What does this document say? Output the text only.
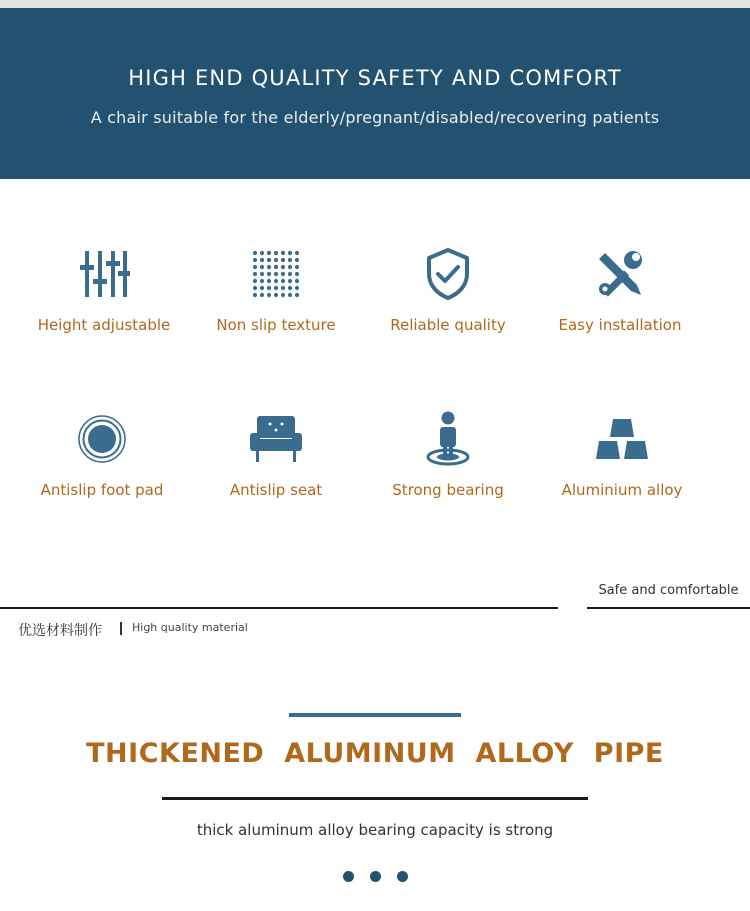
HIGH END QUALITY SAFETY AND COMFORT
A chair suitable for the elderly/pregnant/disabled/recovering patients
Height adjustable	Non slip texture	Reliable quality	Easy installation
Antislip foot pad	Antislip seat	Strong bearing	Aluminium alloy
Safe and comfortable
优选材料制作	High quality material
THICKENED ALUMINUM ALLOY PIPE
thick aluminum alloy bearing capacity is strong
